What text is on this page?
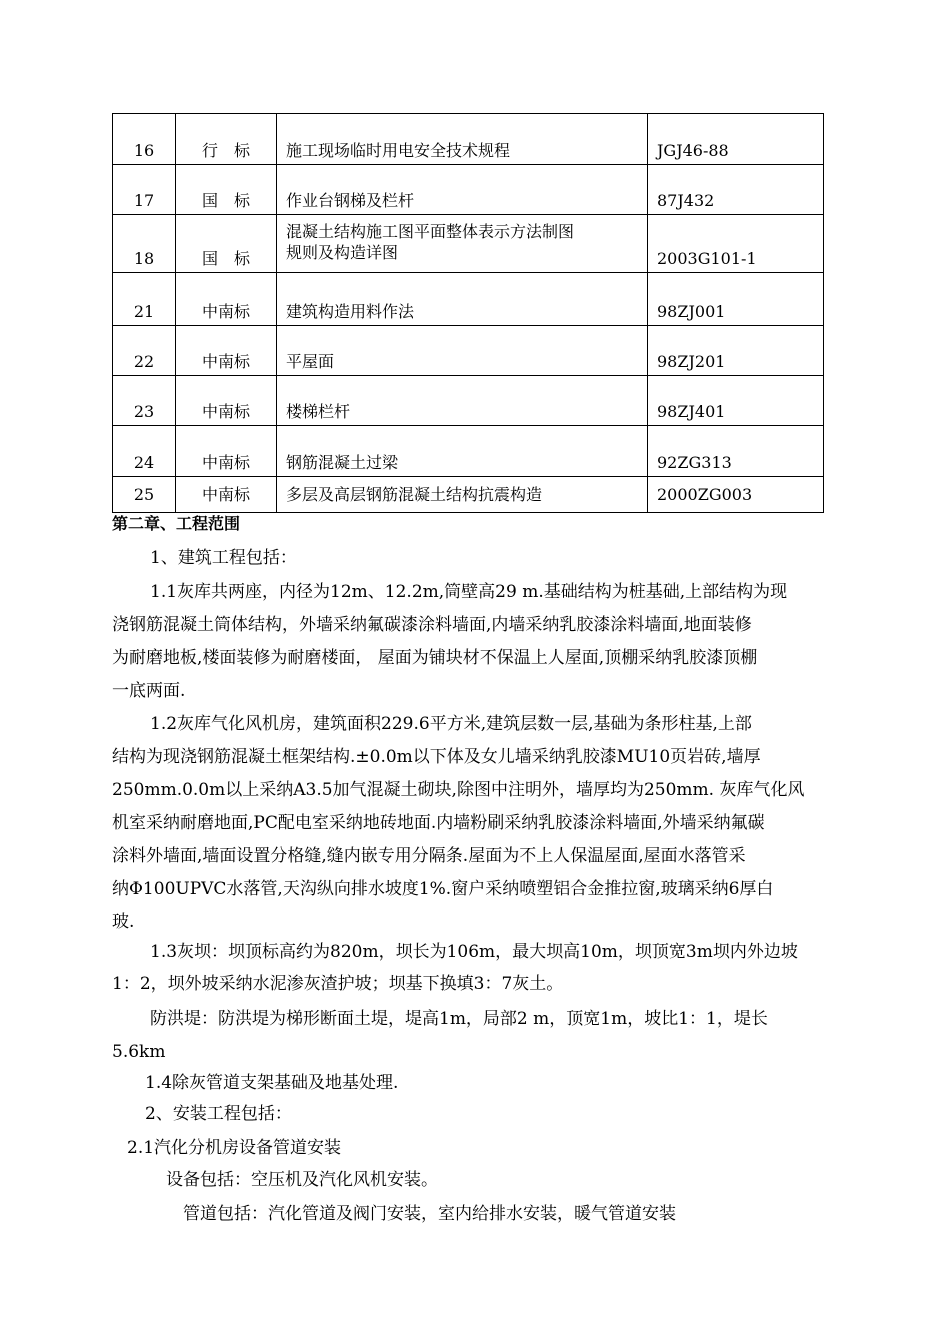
16	行　标	施工现场临时用电安全技术规程	JGJ46-88
17	国　标	作业台钢梯及栏杆	87J432
18	国　标	混凝土结构施工图平面整体表示方法制图
规则及构造详图	2003G101-1
21	中南标	建筑构造用料作法	98ZJ001
22	中南标	平屋面	98ZJ201
23	中南标	楼梯栏杆	98ZJ401
24	中南标	钢筋混凝土过梁	92ZG313
25	中南标	多层及高层钢筋混凝土结构抗震构造	2000ZG003
第二章、工程范围
1、建筑工程包括：
1.1灰库共两座，内径为12m、12.2m,筒壁高29 m.基础结构为桩基础,上部结构为现
浇钢筋混凝土筒体结构，外墙采纳氟碳漆涂料墙面,内墙采纳乳胶漆涂料墙面,地面装修
为耐磨地板,楼面装修为耐磨楼面， 屋面为铺块材不保温上人屋面,顶棚采纳乳胶漆顶棚
一底两面.
1.2灰库气化风机房，建筑面积229.6平方米,建筑层数一层,基础为条形柱基,上部
结构为现浇钢筋混凝土框架结构.±0.0m以下体及女儿墙采纳乳胶漆MU10页岩砖,墙厚
250mm.0.0m以上采纳A3.5加气混凝土砌块,除图中注明外，墙厚均为250mm. 灰库气化风
机室采纳耐磨地面,PC配电室采纳地砖地面.内墙粉刷采纳乳胶漆涂料墙面,外墙采纳氟碳
涂料外墙面,墙面设置分格缝,缝内嵌专用分隔条.屋面为不上人保温屋面,屋面水落管采
纳Φ100UPVC水落管,天沟纵向排水坡度1%.窗户采纳喷塑铝合金推拉窗,玻璃采纳6厚白
玻.
1.3灰坝：坝顶标高约为820m，坝长为106m，最大坝高10m，坝顶宽3m坝内外边坡
1：2，坝外坡采纳水泥渗灰渣护坡；坝基下换填3：7灰土。
防洪堤：防洪堤为梯形断面土堤，堤高1m，局部2 m，顶宽1m，坡比1：1，堤长
5.6km
1.4除灰管道支架基础及地基处理.
2、安装工程包括：
2.1汽化分机房设备管道安装
设备包括：空压机及汽化风机安装。
管道包括：汽化管道及阀门安装，室内给排水安装，暖气管道安装
